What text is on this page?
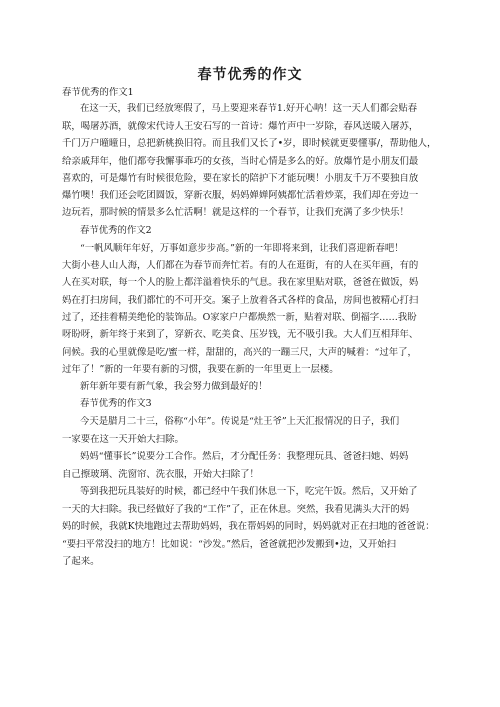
春节优秀的作文
春节优秀的作文1
在这一天，我们已经放寒假了，马上要迎来春节1.好开心呐！这一天人们都会贴春
联，喝屠苏酒，就像宋代诗人王安石写的一首诗：爆竹声中一岁除，春风送暖入屠苏，
千门万户曈曈日，总把新桃换旧符。而且我们又长了•岁，即时候就更要懂事/，帮助他人，
给亲戚拜年，他们都夸我懈事乖巧的女孩，当时心情是多么的好。放爆竹是小朋友们最
喜欢的，可是爆竹有时候很危险，要在家长的陪护下才能玩噢！小朋友千万不要独自放
爆竹噢！我们还会吃团圆饭，穿新衣服，妈妈婵婵阿姨都忙活着炒菜，我们却在旁边一
边玩若，那时候的情景多么忙活啊！就是这样的一个春节，让我们充满了多少快乐！
春节优秀的作文2
“一帆风顺年年好，万事如意步步高。”新的一年即将来到，让我们喜迎新春吧！
大街小巷人山人海，人们都在为春节而奔忙若。有的人在逛街，有的人在买年画，有的
人在买对联，每一个人的脸上都洋溢着快乐的气息。我在家里贴对联，爸爸在做饭，妈
妈在打扫房间，我们都忙的不可开交。案子上放着各式各样的食品，房间也被精心打扫
过了，还挂着精美绝伦的装饰品。O家家户户都焕然一新，贴着对联、倒福字……我盼
呀盼呀，新年终于来到了，穿新衣、吃美食、压岁钱，无不吸引我。大人们互相拜年、
问候。我的心里就像是吃/蜜一样，甜甜的，高兴的一蹦三尺，大声的喊着：“过年了，
过年了！”新的一年要有新的习惯，我要在新的一年里更上一层楼。
新年新年要有新气象，我会努力做到最好的！
春节优秀的作文3
今天是腊月二十三，俗称“小年”。传说是“灶王爷”上天汇报情况的日子，我们
一家要在这一天开始大扫除。
妈妈“懂事长”说要分工合作。然后，才分配任务：我整理玩具、爸爸扫她、妈妈
自己擦玻璃、洗窗帘、洗衣服，开始大扫除了！
等到我把玩具装好的时候，都已经中午我们休息一下，吃完午饭。然后，又开始了
一天的大扫除。我已经做好了我的“工作”了，正在休息。突然，我看见满头大汗的妈
妈的时候，我就K快地跑过去帮助妈妈，我在帮妈妈的同时，妈妈就对正在扫地的爸爸说：
“要扫平常没扫的地方！比如说：“沙发。”然后，爸爸就把沙发搬到•边，又开始扫
了起来。
